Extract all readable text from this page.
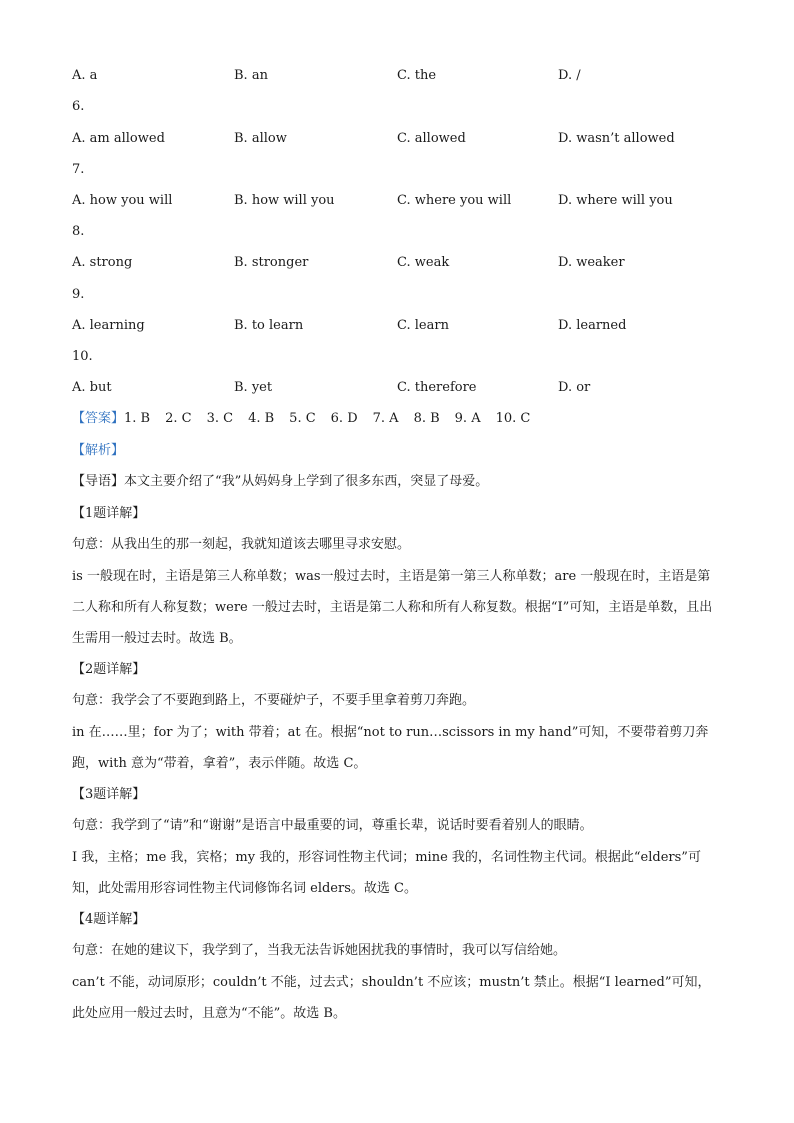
A. a	B. an	C. the	D. /
6.
A. am allowed	B. allow	C. allowed	D. wasn’t allowed
7.
A. how you will	B. how will you	C. where you will	D. where will you
8.
A. strong	B. stronger	C. weak	D. weaker
9.
A. learning	B. to learn	C. learn	D. learned
10.
A. but	B. yet	C. therefore	D. or
【答案】1. B 2. C 3. C 4. B 5. C 6. D 7. A 8. B 9. A 10. C
【解析】
【导语】本文主要介绍了“我”从妈妈身上学到了很多东西，突显了母爱。
【1题详解】
句意：从我出生的那一刻起，我就知道该去哪里寻求安慰。
is 一般现在时，主语是第三人称单数；was一般过去时，主语是第一第三人称单数；are 一般现在时，主语是第二人称和所有人称复数；were 一般过去时，主语是第二人称和所有人称复数。根据“I”可知，主语是单数，且出生需用一般过去时。故选 B。
【2题详解】
句意：我学会了不要跑到路上，不要碰炉子，不要手里拿着剪刀奔跑。
in 在……里；for 为了；with 带着；at 在。根据“not to run…scissors in my hand”可知，不要带着剪刀奔跑，with 意为“带着，拿着”，表示伴随。故选 C。
【3题详解】
句意：我学到了“请”和“谢谢”是语言中最重要的词，尊重长辈，说话时要看着别人的眼睛。
I 我，主格；me 我，宾格；my 我的，形容词性物主代词；mine 我的，名词性物主代词。根据此“elders”可知，此处需用形容词性物主代词修饰名词 elders。故选 C。
【4题详解】
句意：在她的建议下，我学到了，当我无法告诉她困扰我的事情时，我可以写信给她。
can’t 不能，动词原形；couldn’t 不能，过去式；shouldn’t 不应该；mustn’t 禁止。根据“I learned”可知，此处应用一般过去时，且意为“不能”。故选 B。
